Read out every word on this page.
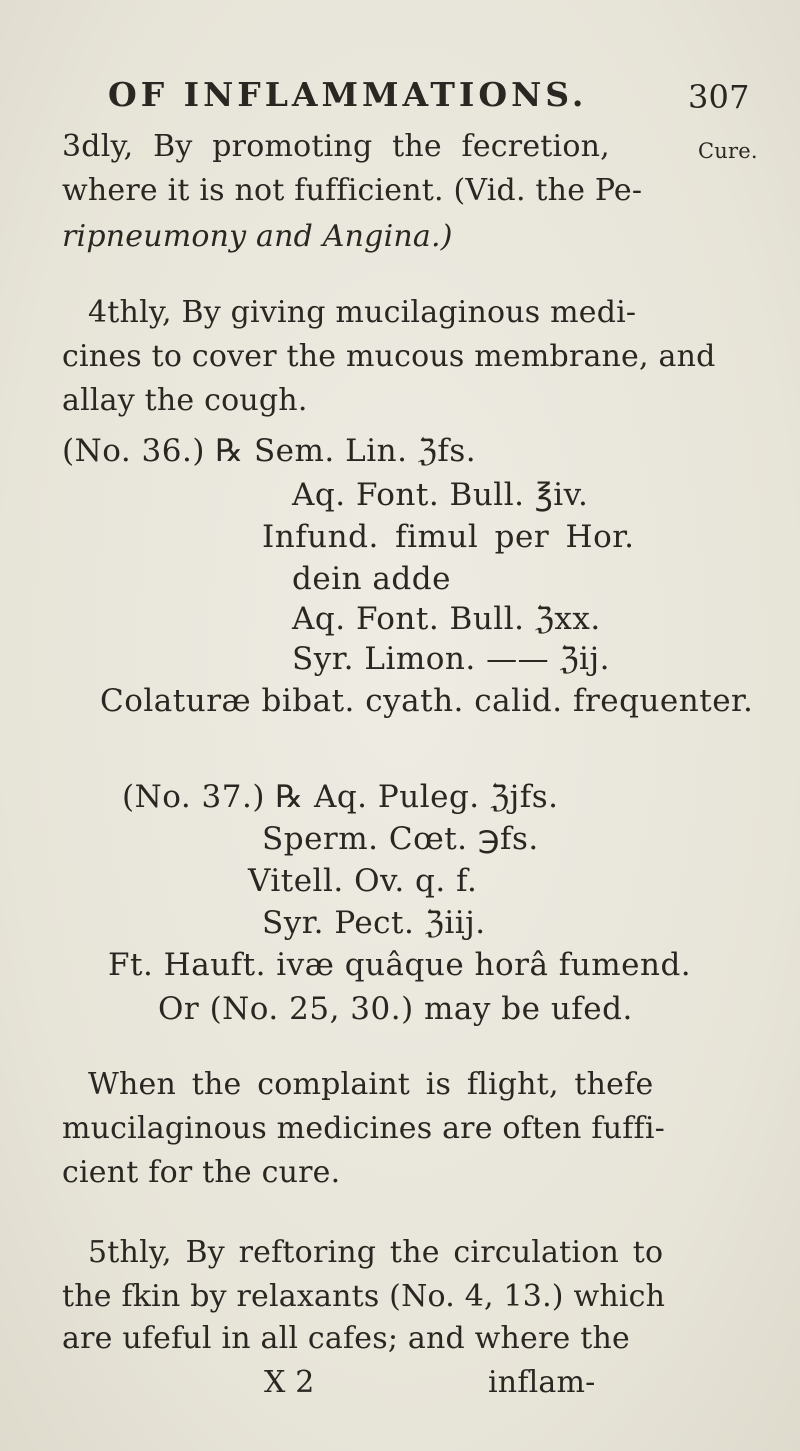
OF INFLAMMATIONS.	307
Cure.
3dly, By promoting the fecretion,
where it is not fufficient. (Vid. the Pe-
ripneumony and Angina.)
4thly, By giving mucilaginous medi-
cines to cover the mucous membrane, and
allay the cough.
(No. 36.) ℞ Sem. Lin. ℨfs.
Aq. Font. Bull. ℥iv.
Infund. fimul per Hor.
dein adde
Aq. Font. Bull. ℨxx.
Syr. Limon. —— ℨij.
Colaturæ bibat. cyath. calid. frequenter.
(No. 37.) ℞ Aq. Puleg. ℨjfs.
Sperm. Cœt. ℈fs.
Vitell. Ov. q. f.
Syr. Pect. ℨiij.
Ft. Hauft. ivæ quâque horâ fumend.
Or (No. 25, 30.) may be ufed.
When the complaint is flight, thefe
mucilaginous medicines are often fuffi-
cient for the cure.
5thly, By reftoring the circulation to
the fkin by relaxants (No. 4, 13.) which
are ufeful in all cafes; and where the
X 2	inflam-
